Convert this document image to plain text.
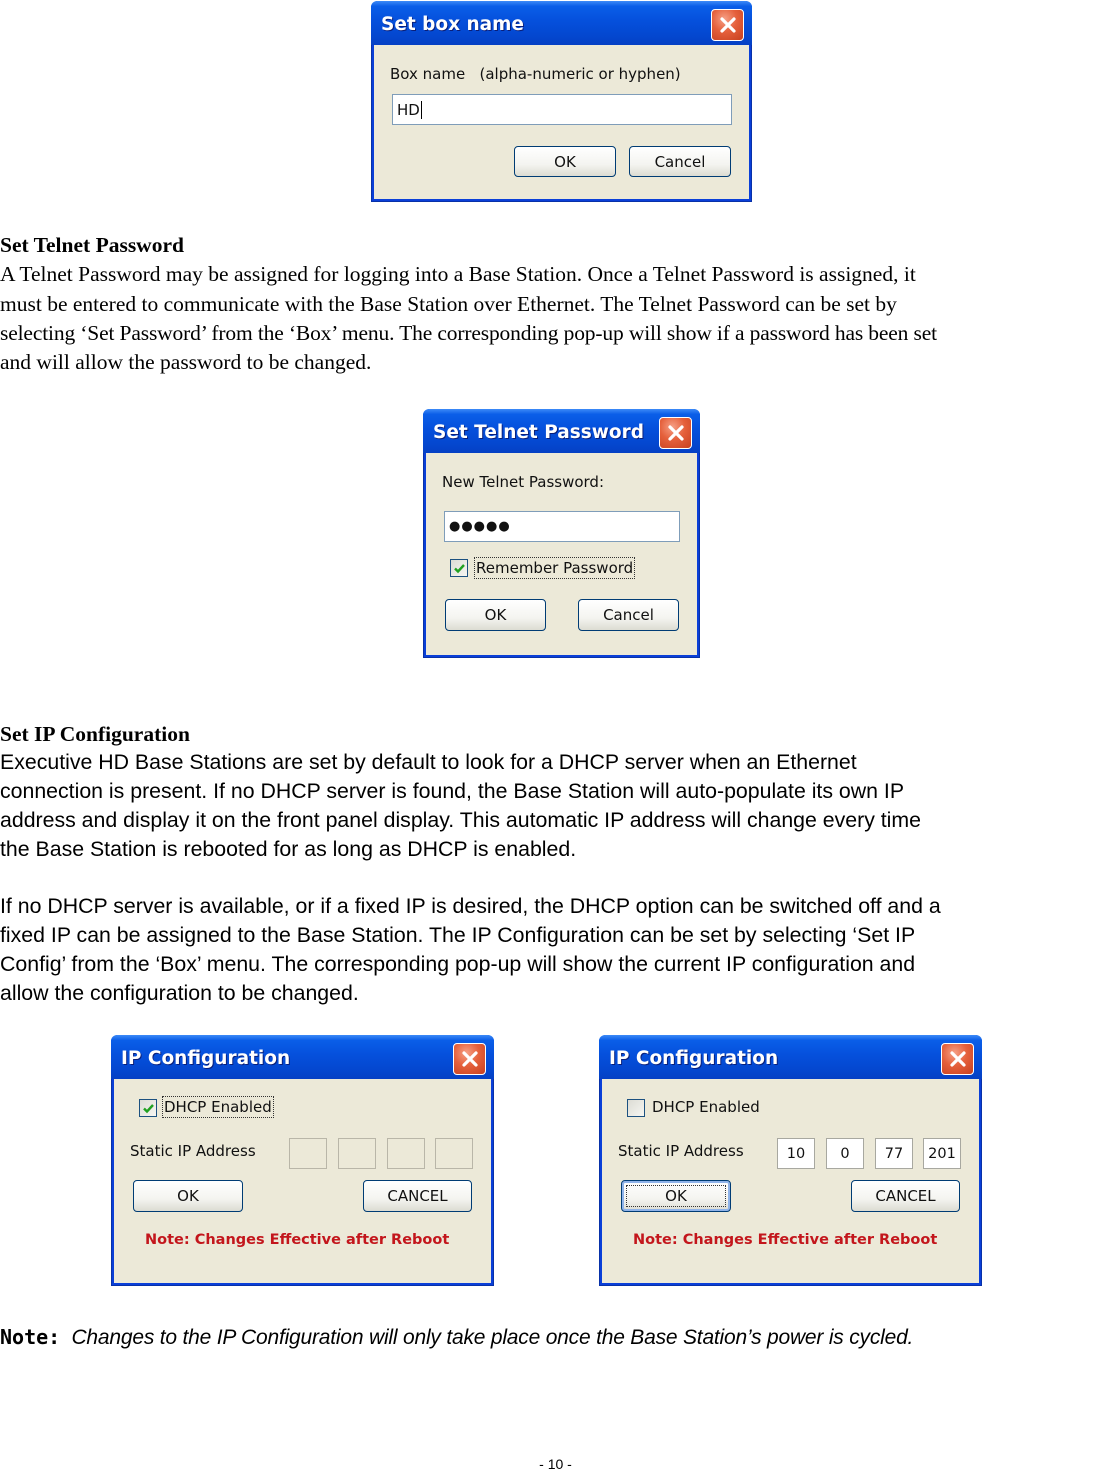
Set box name
Box name   (alpha-numeric or hyphen)
HD
OK	Cancel
Set Telnet Password
A Telnet Password may be assigned for logging into a Base Station. Once a Telnet Password is assigned, it
must be entered to communicate with the Base Station over Ethernet. The Telnet Password can be set by
selecting ‘Set Password’ from the ‘Box’ menu. The corresponding pop-up will show if a password has been set
and will allow the password to be changed.
Set Telnet Password
New Telnet Password:
●●●●●
Remember Password
OK	Cancel
Set IP Configuration
Executive HD Base Stations are set by default to look for a DHCP server when an Ethernet
connection is present. If no DHCP server is found, the Base Station will auto-populate its own IP
address and display it on the front panel display. This automatic IP address will change every time
the Base Station is rebooted for as long as DHCP is enabled.
If no DHCP server is available, or if a fixed IP is desired, the DHCP option can be switched off and a
fixed IP can be assigned to the Base Station. The IP Configuration can be set by selecting ‘Set IP
Config’ from the ‘Box’ menu. The corresponding pop-up will show the current IP configuration and
allow the configuration to be changed.
IP Configuration
DHCP Enabled
Static IP Address
OK	CANCEL
Note: Changes Effective after Reboot
IP Configuration
DHCP Enabled
Static IP Address	10	0	77	201
OK	CANCEL
Note: Changes Effective after Reboot
Note: Changes to the IP Configuration will only take place once the Base Station’s power is cycled.
- 10 -
